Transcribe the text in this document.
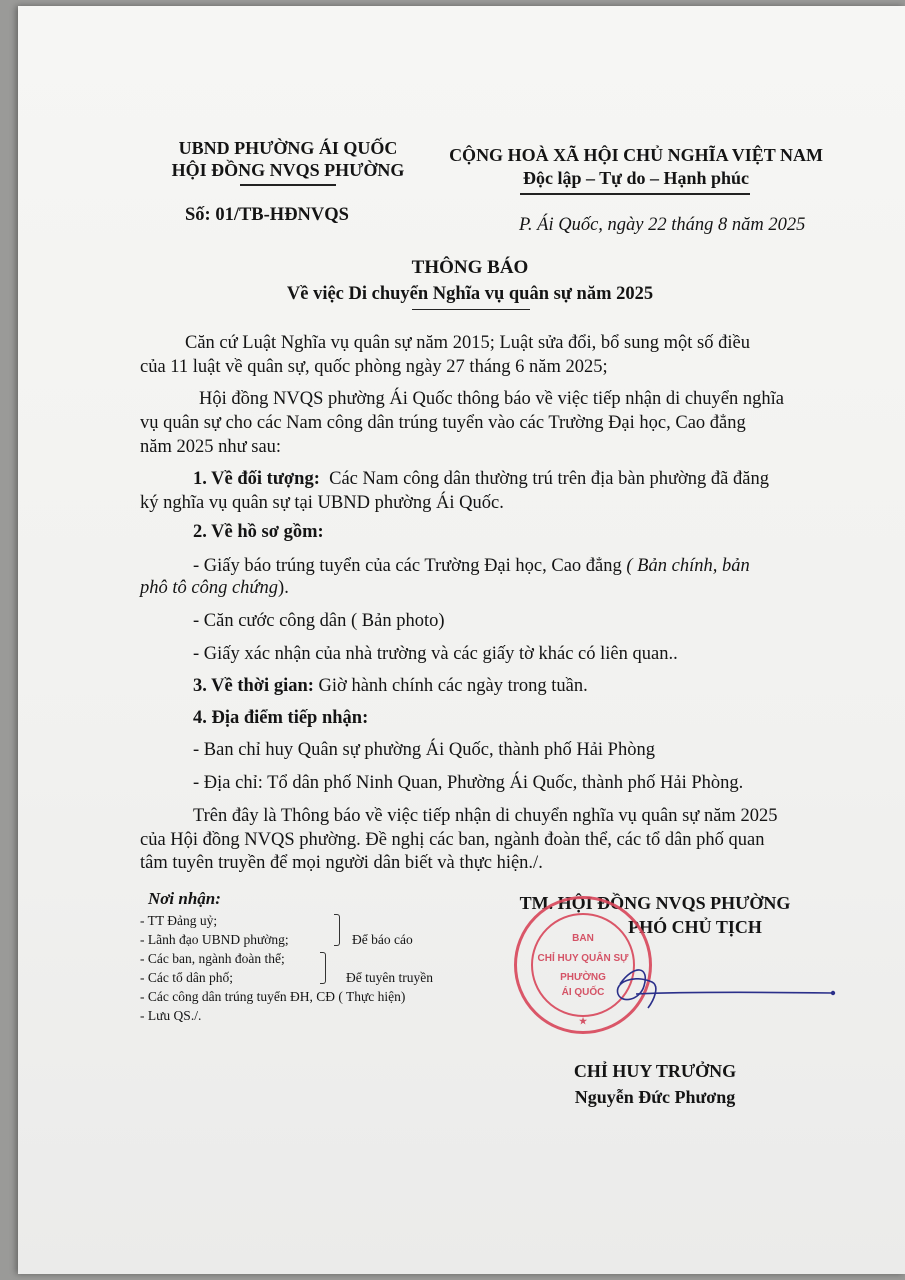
UBND PHƯỜNG ÁI QUỐC
HỘI ĐỒNG NVQS PHƯỜNG
CỘNG HOÀ XÃ HỘI CHỦ NGHĨA VIỆT NAM
Độc lập – Tự do – Hạnh phúc
Số: 01/TB-HĐNVQS	P. Ái Quốc, ngày 22 tháng 8 năm 2025
THÔNG BÁO
Về việc Di chuyển Nghĩa vụ quân sự năm 2025
Căn cứ Luật Nghĩa vụ quân sự năm 2015; Luật sửa đổi, bổ sung một số điều
của 11 luật về quân sự, quốc phòng ngày 27 tháng 6 năm 2025;
Hội đồng NVQS phường Ái Quốc thông báo về việc tiếp nhận di chuyển nghĩa
vụ quân sự cho các Nam công dân trúng tuyển vào các Trường Đại học, Cao đẳng
năm 2025 như sau:
1. Về đối tượng: Các Nam công dân thường trú trên địa bàn phường đã đăng
ký nghĩa vụ quân sự tại UBND phường Ái Quốc.
2. Về hồ sơ gồm:
- Giấy báo trúng tuyển của các Trường Đại học, Cao đẳng ( Bản chính, bản
phô tô công chứng).
- Căn cước công dân ( Bản photo)
- Giấy xác nhận của nhà trường và các giấy tờ khác có liên quan..
3. Về thời gian: Giờ hành chính các ngày trong tuần.
4. Địa điểm tiếp nhận:
- Ban chỉ huy Quân sự phường Ái Quốc, thành phố Hải Phòng
- Địa chỉ: Tổ dân phố Ninh Quan, Phường Ái Quốc, thành phố Hải Phòng.
Trên đây là Thông báo về việc tiếp nhận di chuyển nghĩa vụ quân sự năm 2025
của Hội đồng NVQS phường. Đề nghị các ban, ngành đoàn thể, các tổ dân phố quan
tâm tuyên truyền để mọi người dân biết và thực hiện./.
Nơi nhận:
- TT Đảng uỷ;
- Lãnh đạo UBND phường;
- Các ban, ngành đoàn thể;
- Các tổ dân phố;
- Các công dân trúng tuyển ĐH, CĐ ( Thực hiện)
- Lưu QS./.
Để báo cáo
Để tuyên truyền
TM. HỘI ĐỒNG NVQS PHƯỜNG
PHÓ CHỦ TỊCH
BAN
CHỈ HUY QUÂN SỰ
PHƯỜNG
ÁI QUỐC
★
CHỈ HUY TRƯỞNG
Nguyễn Đức Phương
